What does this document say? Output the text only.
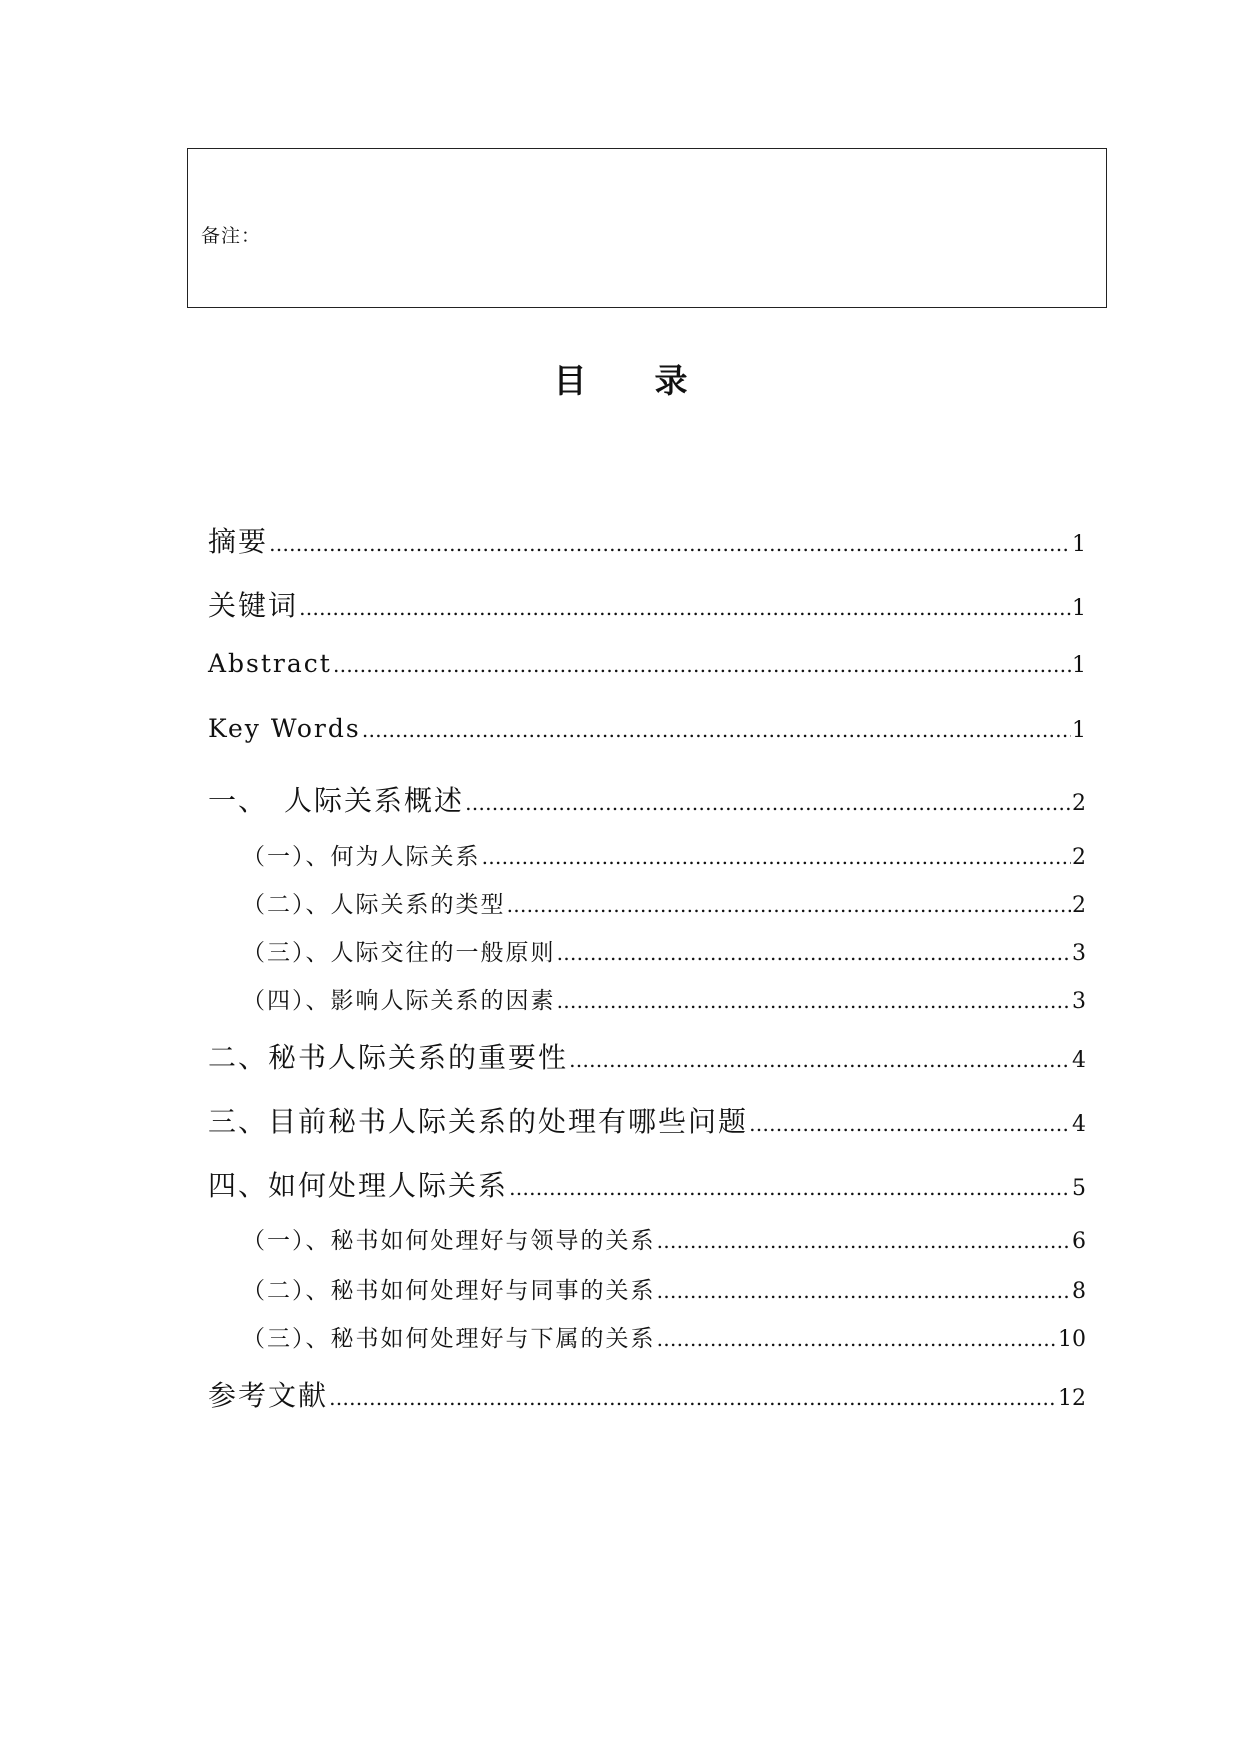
备注：
目 录
摘要 ………………………………………………………………………………………………………………………………………………………………………………………………………………	1
关键词 ………………………………………………………………………………………………………………………………………………………………………………………………………………	1
Abstract ………………………………………………………………………………………………………………………………………………………………………………………………………………	1
Key Words ………………………………………………………………………………………………………………………………………………………………………………………………………………	1
一、　人际关系概述 ………………………………………………………………………………………………………………………………………………………………………………………………………………	2
（一）、何为人际关系 ………………………………………………………………………………………………………………………………………………………………………………………………………………	2
（二）、人际关系的类型 ………………………………………………………………………………………………………………………………………………………………………………………………………………	2
（三）、人际交往的一般原则 ………………………………………………………………………………………………………………………………………………………………………………………………………………	3
（四）、影响人际关系的因素 ………………………………………………………………………………………………………………………………………………………………………………………………………………	3
二、秘书人际关系的重要性 ………………………………………………………………………………………………………………………………………………………………………………………………………………	4
三、目前秘书人际关系的处理有哪些问题 ………………………………………………………………………………………………………………………………………………………………………………………………………………	4
四、如何处理人际关系 ………………………………………………………………………………………………………………………………………………………………………………………………………………	5
（一）、秘书如何处理好与领导的关系 ………………………………………………………………………………………………………………………………………………………………………………………………………………	6
（二）、秘书如何处理好与同事的关系 ………………………………………………………………………………………………………………………………………………………………………………………………………………	8
（三）、秘书如何处理好与下属的关系 ………………………………………………………………………………………………………………………………………………………………………………………………………………	10
参考文献 ………………………………………………………………………………………………………………………………………………………………………………………………………………	12
